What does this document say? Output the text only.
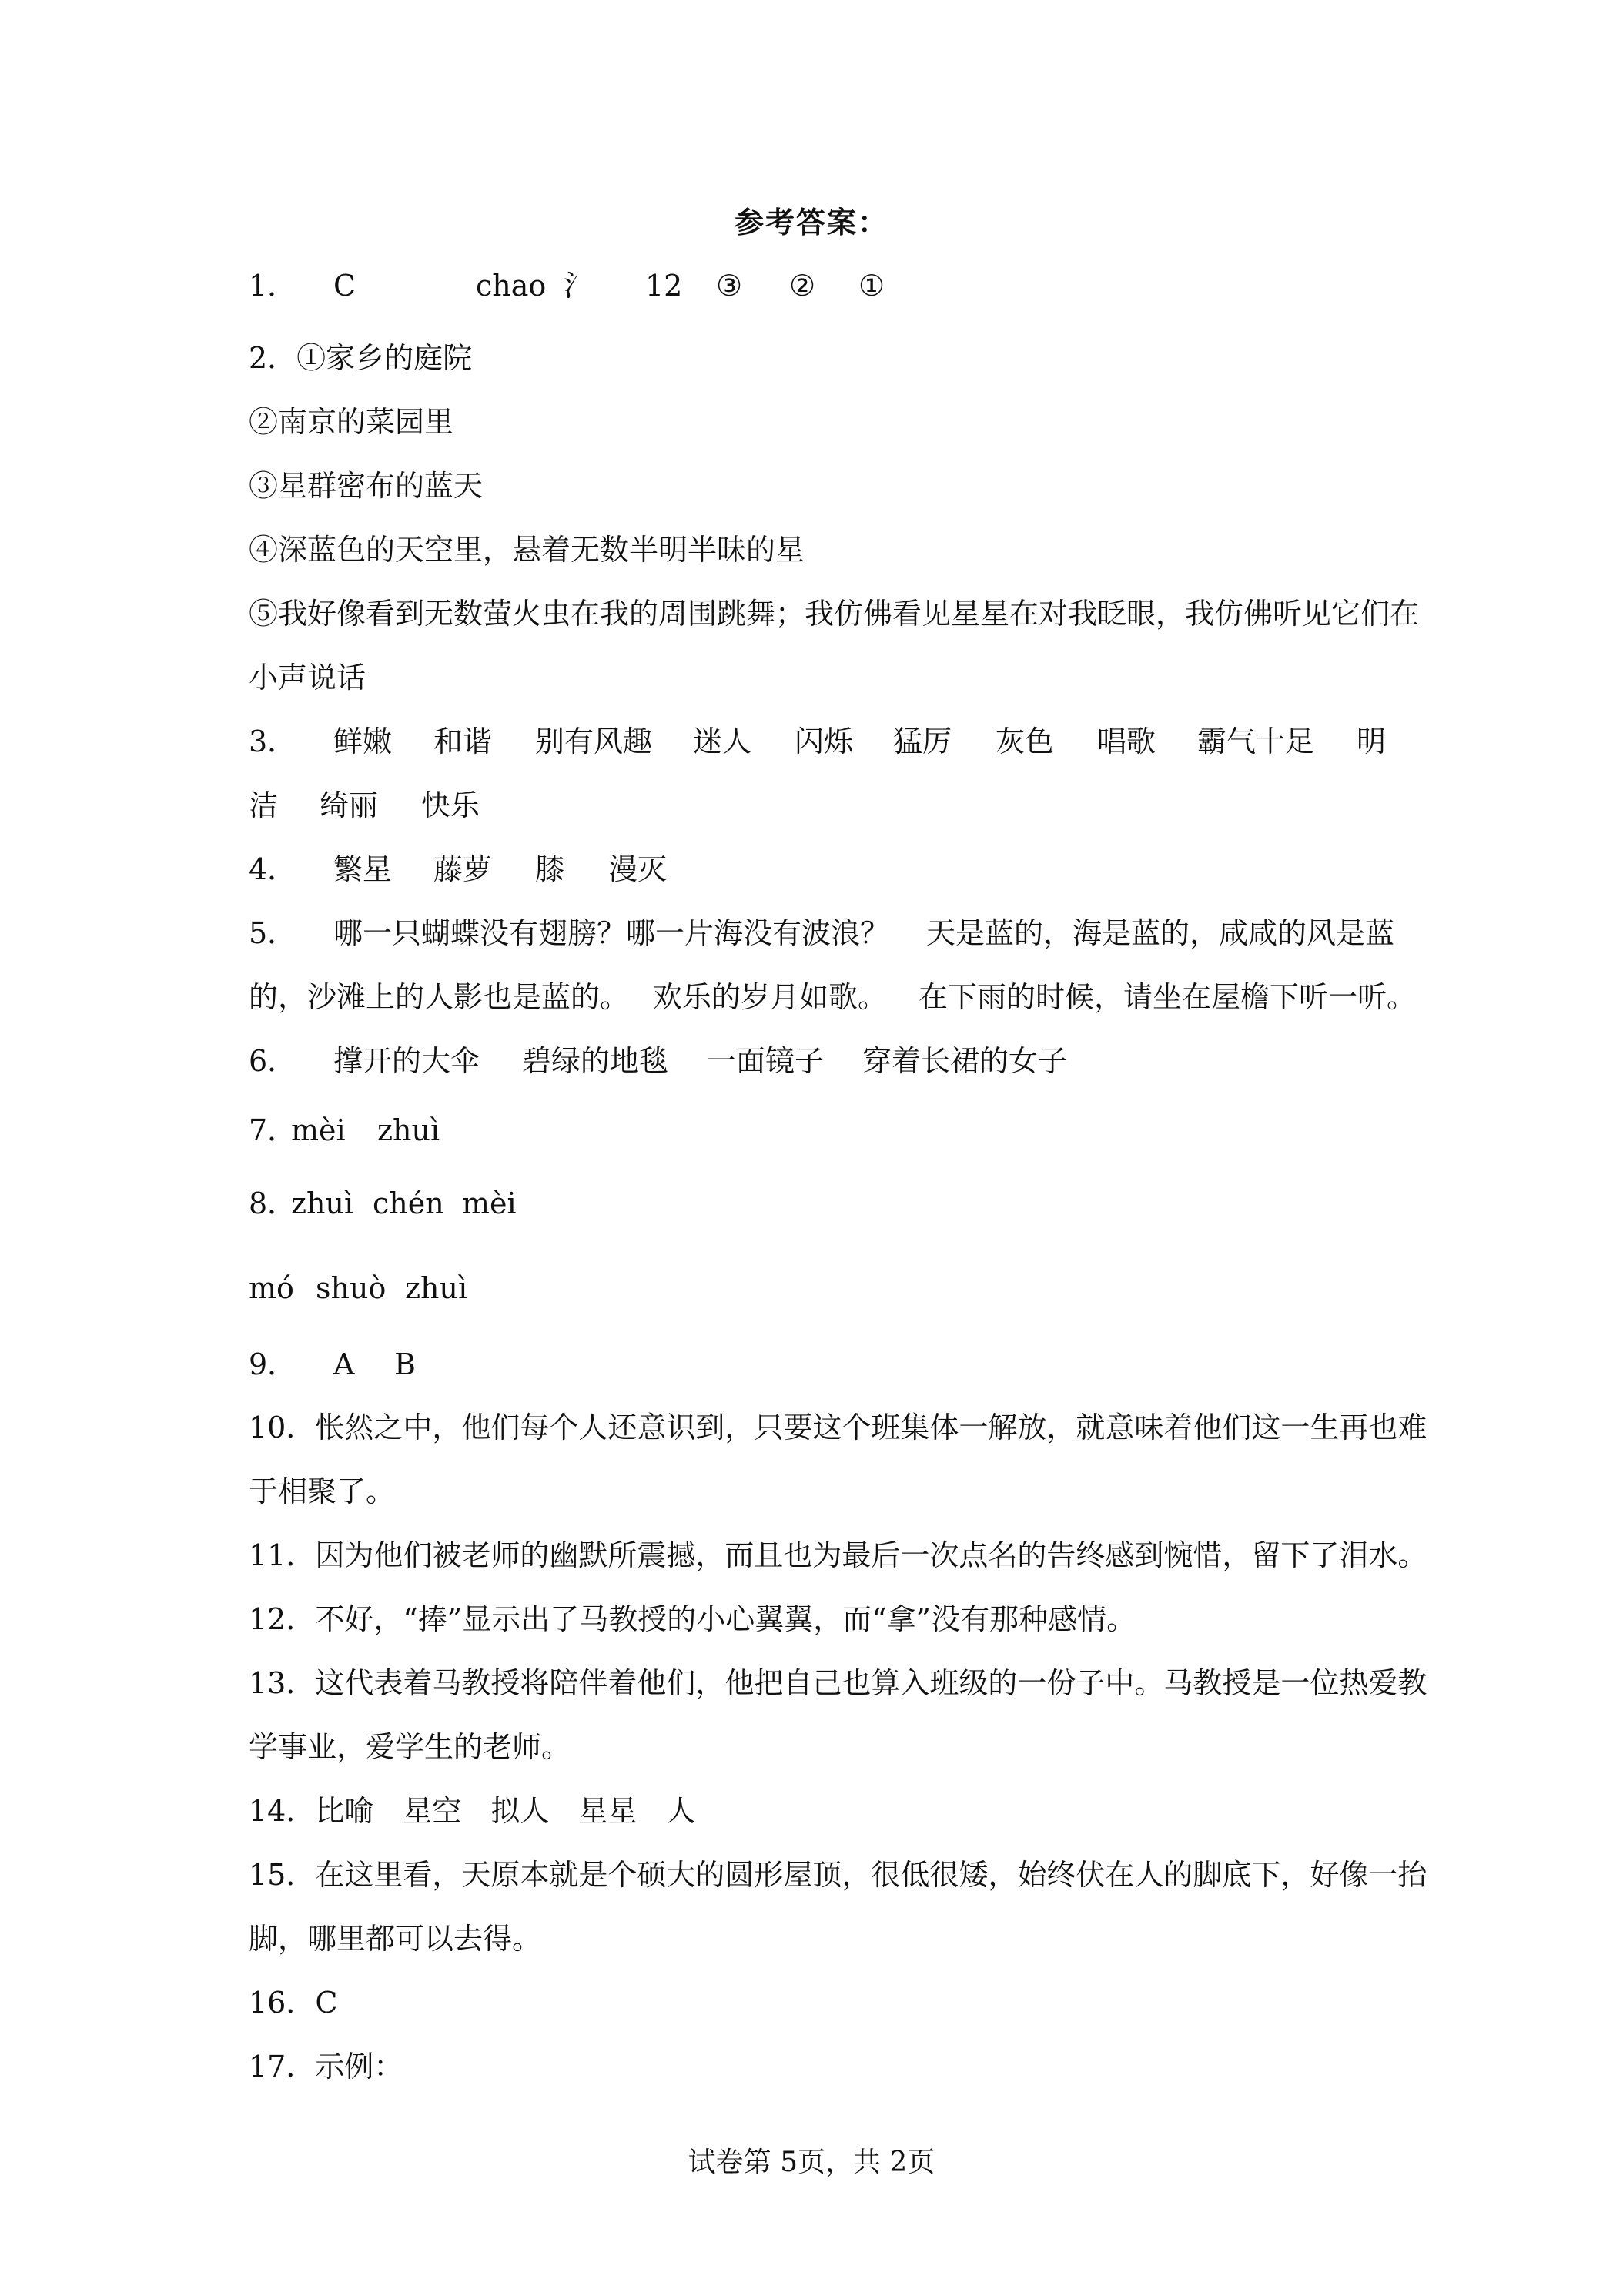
参考答案：
1． C	chao 氵 12 ③ ② ①
2．①家乡的庭院
②南京的菜园里
③星群密布的蓝天
④深蓝色的天空里，悬着无数半明半昧的星
⑤我好像看到无数萤火虫在我的周围跳舞；我仿佛看见星星在对我眨眼，我仿佛听见它们在
小声说话
3． 鲜嫩 和谐 别有风趣 迷人 闪烁 猛厉 灰色 唱歌 霸气十足 明
洁 绮丽 快乐
4． 繁星 藤萝 膝 漫灭
5． 哪一只蝴蝶没有翅膀？哪一片海没有波浪？ 天是蓝的，海是蓝的，咸咸的风是蓝
的，沙滩上的人影也是蓝的。 欢乐的岁月如歌。 在下雨的时候，请坐在屋檐下听一听。
6． 撑开的大伞 碧绿的地毯 一面镜子 穿着长裙的女子
7．
mèi zhuì
8．
zhuì chén mèi
mó shuò zhuì
9． A B
10．怅然之中，他们每个人还意识到，只要这个班集体一解放，就意味着他们这一生再也难
于相聚了。
11．因为他们被老师的幽默所震撼，而且也为最后一次点名的告终感到惋惜，留下了泪水。
12．不好，“捧”显示出了马教授的小心翼翼，而“拿”没有那种感情。
13．这代表着马教授将陪伴着他们，他把自己也算入班级的一份子中。马教授是一位热爱教
学事业，爱学生的老师。
14．比喻　星空　拟人　星星　人
15．在这里看，天原本就是个硕大的圆形屋顶，很低很矮，始终伏在人的脚底下，好像一抬
脚，哪里都可以去得。
16．C
17．示例：
试卷第 5页，共 2页
